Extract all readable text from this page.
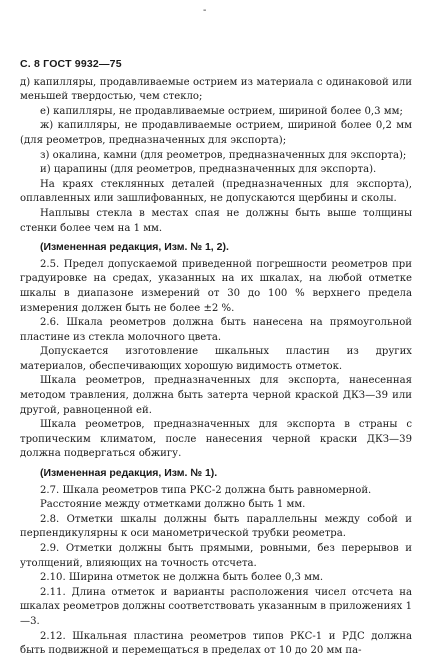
-
С. 8 ГОСТ 9932—75

д) капилляры, продавливаемые острием из материала с одинаковой или меньшей твердостью, чем стекло;

е) капилляры, не продавливаемые острием, шириной более 0,3 мм;

ж) капилляры, не продавливаемые острием, шириной более 0,2 мм (для реометров, предназначенных для экспорта);

з) окалина, камни (для реометров, предназначенных для экспорта);

и) царапины (для реометров, предназначенных для экспорта).

На краях стеклянных деталей (предназначенных для экспорта), оплавленных или зашлифованных, не допускаются щербины и сколы.

Наплывы стекла в местах спая не должны быть выше толщины стенки более чем на 1 мм.

(Измененная редакция, Изм. № 1, 2).

2.5. Предел допускаемой приведенной погрешности реометров при градуировке на средах, указанных на их шкалах, на любой отметке шкалы в диапазоне измерений от 30 до 100 % верхнего предела измерения должен быть не более ±2 %.

2.6. Шкала реометров должна быть нанесена на прямоугольной пластине из стекла молочного цвета.

Допускается изготовление шкальных пластин из других материалов, обеспечивающих хорошую видимость отметок.

Шкала реометров, предназначенных для экспорта, нанесенная методом травления, должна быть затерта черной краской ДКЗ—39 или другой, равноценной ей.

Шкала реометров, предназначенных для экспорта в страны с тропическим климатом, после нанесения черной краски ДКЗ—39 должна подвергаться обжигу.

(Измененная редакция, Изм. № 1).

2.7. Шкала реометров типа РКС-2 должна быть равномерной.

Расстояние между отметками должно быть 1 мм.

2.8. Отметки шкалы должны быть параллельны между собой и перпендикулярны к оси манометрической трубки реометра.

2.9. Отметки должны быть прямыми, ровными, без перерывов и утолщений, влияющих на точность отсчета.

2.10. Ширина отметок не должна быть более 0,3 мм.

2.11. Длина отметок и варианты расположения чисел отсчета на шкалах реометров должны соответствовать указанным в приложениях 1—3.

2.12. Шкальная пластина реометров типов РКС-1 и РДС должна быть подвижной и перемещаться в пределах от 10 до 20 мм па-
